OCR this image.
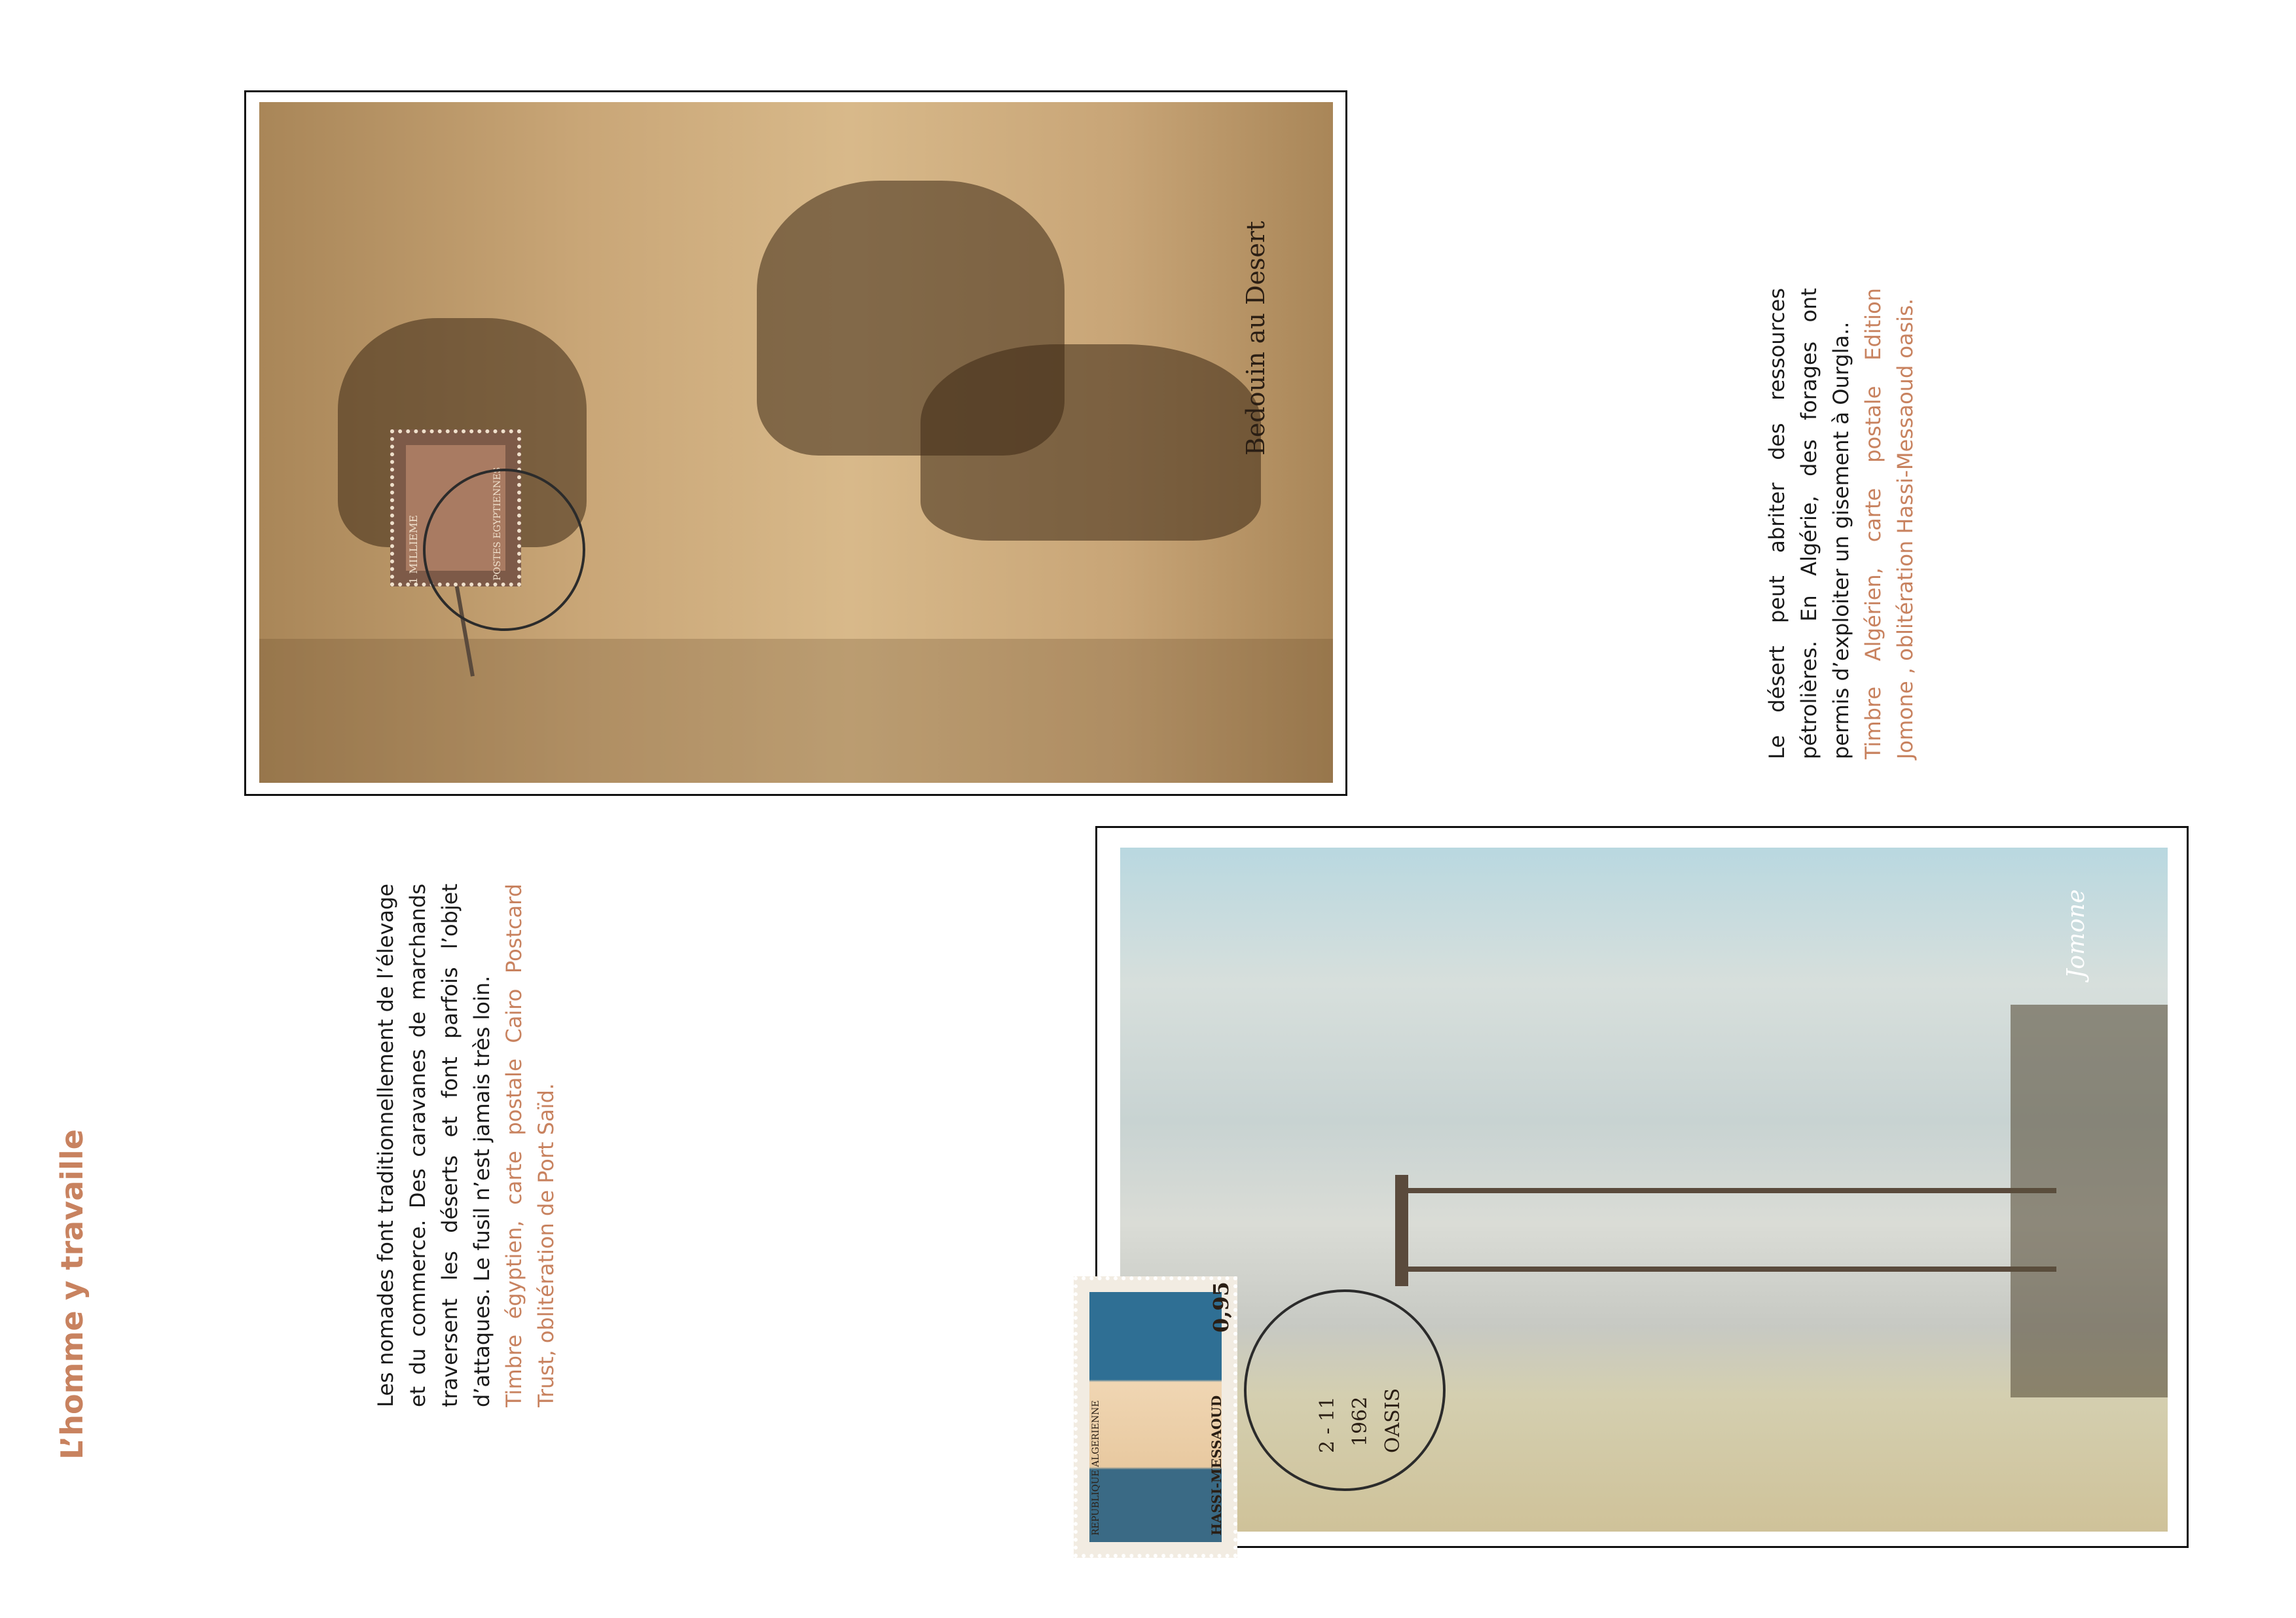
L’homme y travaille	Les nomades font traditionnellement de l’élevage et du commerce. Des caravanes de marchands traversent les déserts et font parfois l’objet d’attaques. Le fusil n’est jamais très loin. Timbre égyptien, carte postale Cairo Postcard Trust, oblitération de Port Saïd.
Le désert peut abriter des ressources pétrolières. En Algérie, des forages ont permis d’exploiter un gisement à Ourgla.. Timbre Algérien, carte postale Edition Jomone , oblitération Hassi-Messaoud oasis.
Bedouin au Desert
1 MILLIEME	POSTES EGYPTIENNES
Jomone
0,95
HASSI-MESSAOUD
REPUBLIQUE ALGERIENNE	2 - 11 1962 OASIS
